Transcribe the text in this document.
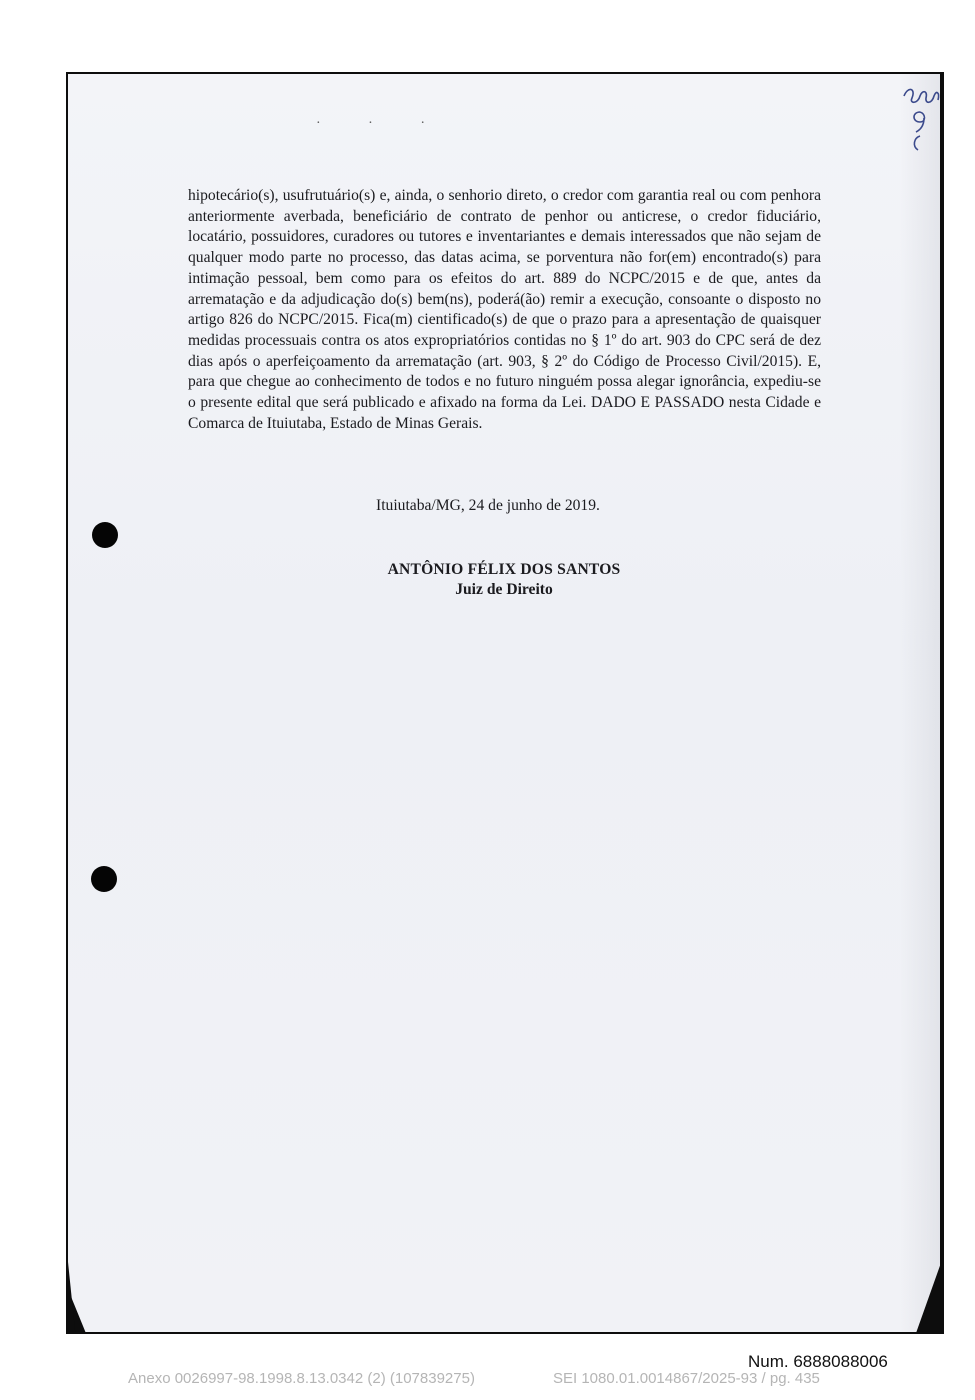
· · ·

hipotecário(s), usufrutuário(s) e, ainda, o senhorio direto, o credor com garantia real ou com penhora anteriormente averbada, beneficiário de contrato de penhor ou anticrese, o credor fiduciário, locatário, possuidores, curadores ou tutores e inventariantes e demais interessados que não sejam de qualquer modo parte no processo, das datas acima, se porventura não for(em) encontrado(s) para intimação pessoal, bem como para os efeitos do art. 889 do NCPC/2015 e de que, antes da arrematação e da adjudicação do(s) bem(ns), poderá(ão) remir a execução, consoante o disposto no artigo 826 do NCPC/2015. Fica(m) cientificado(s) de que o prazo para a apresentação de quaisquer medidas processuais contra os atos expropriatórios contidas no § 1º do art. 903 do CPC será de dez dias após o aperfeiçoamento da arrematação (art. 903, § 2º do Código de Processo Civil/2015). E, para que chegue ao conhecimento de todos e no futuro ninguém possa alegar ignorância, expediu-se o presente edital que será publicado e afixado na forma da Lei. DADO E PASSADO nesta Cidade e Comarca de Ituiutaba, Estado de Minas Gerais.

Ituiutaba/MG, 24 de junho de 2019.

ANTÔNIO FÉLIX DOS SANTOS

Juiz de Direito

Num. 6888088006
Anexo 0026997-98.1998.8.13.0342 (2) (107839275)	SEI 1080.01.0014867/2025-93 / pg. 435
